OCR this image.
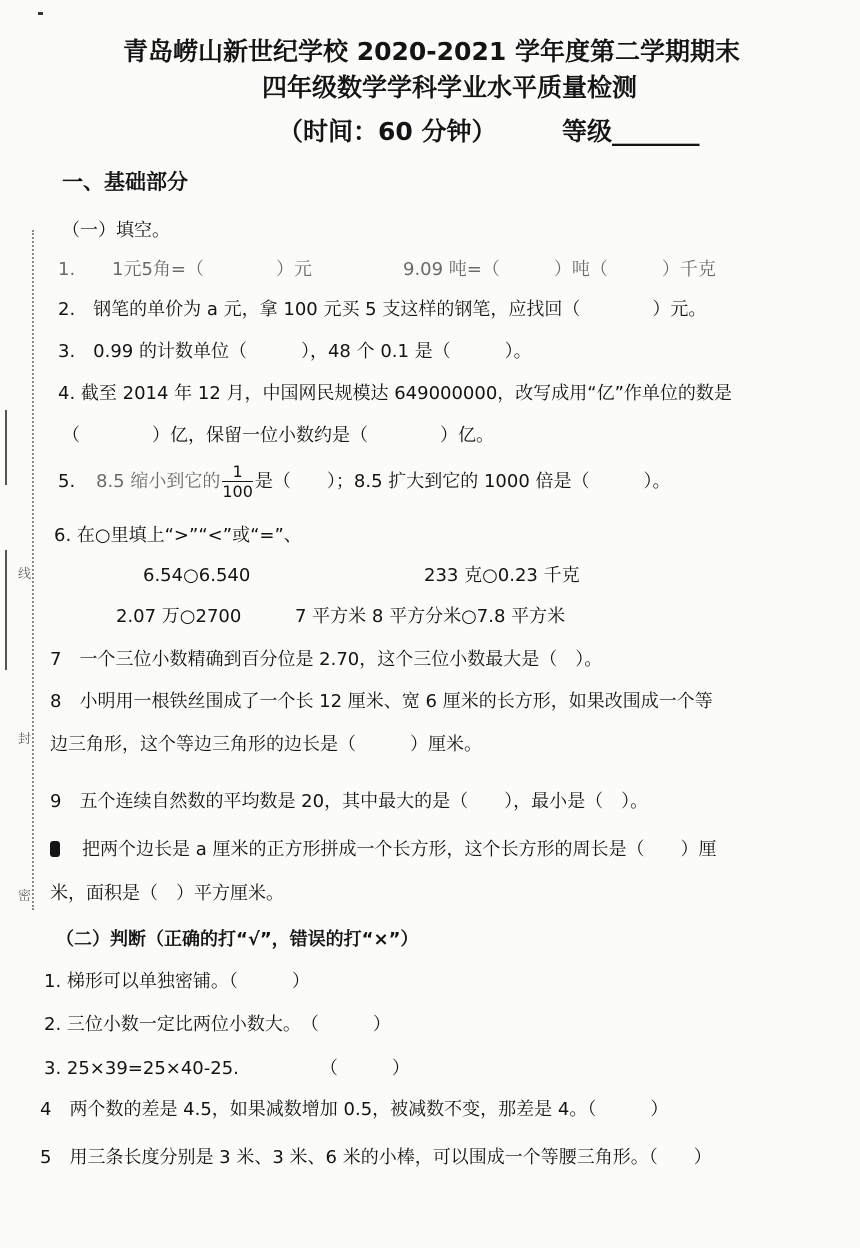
线
封
密
青岛崂山新世纪学校 2020-2021 学年度第二学期期末
四年级数学学科学业水平质量检测
（时间：60 分钟）	等级_______
一、基础部分
（一）填空。
1. 1元5角=（　　　　）元	9.09 吨=（　　　）吨（　　　）千克
2.　钢笔的单价为 a 元，拿 100 元买 5 支这样的钢笔，应找回（　　　　）元。
3.　0.99 的计数单位（　　　），48 个 0.1 是（　　　）。
4. 截至 2014 年 12 月，中国网民规模达 649000000，改写成用“亿”作单位的数是
（　　　　）亿，保留一位小数约是（　　　　）亿。
5. 8.5 缩小到它的 $\frac{1}{100}$ 是（　　）；8.5 扩大到它的 1000 倍是（　　　）。
6. 在○里填上“>”“<”或“=”、
6.54○6.540	233 克○0.23 千克
2.07 万○2700	7 平方米 8 平方分米○7.8 平方米
7　一个三位小数精确到百分位是 2.70，这个三位小数最大是（　）。
8　小明用一根铁丝围成了一个长 12 厘米、宽 6 厘米的长方形，如果改围成一个等
边三角形，这个等边三角形的边长是（　　　）厘米。
9　五个连续自然数的平均数是 20，其中最大的是（　　），最小是（　）。
把两个边长是 a 厘米的正方形拼成一个长方形，这个长方形的周长是（　　）厘
米，面积是（　）平方厘米。
（二）判断（正确的打“√”，错误的打“×”）
1. 梯形可以单独密铺。（　　　）
2. 三位小数一定比两位小数大。　（　　　）
3. 25×39=25×40-25.　　　　　（　　　）
4　两个数的差是 4.5，如果减数增加 0.5，被减数不变，那差是 4。（　　　）
5　用三条长度分别是 3 米、3 米、6 米的小棒，可以围成一个等腰三角形。（　　）
